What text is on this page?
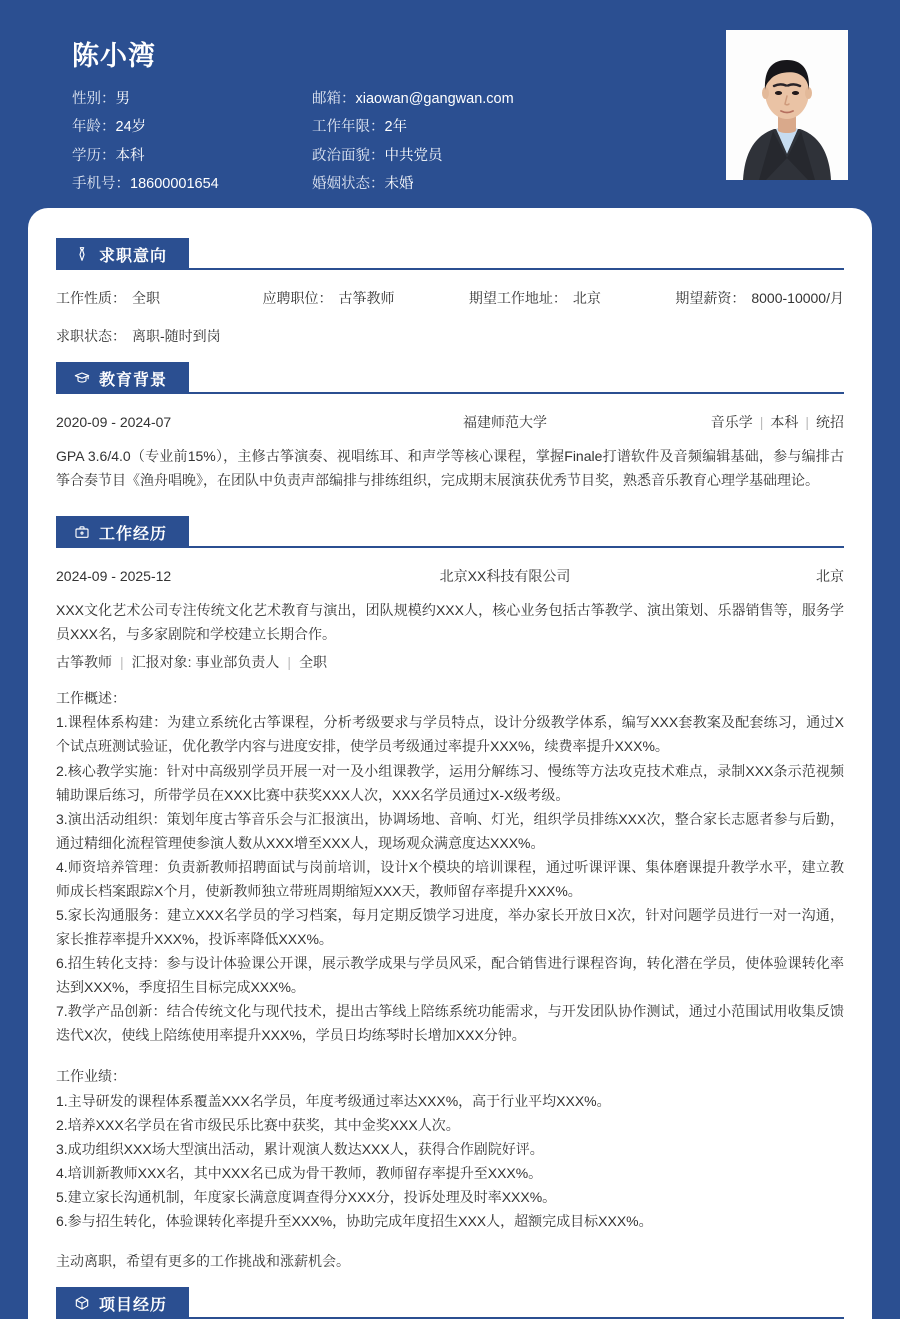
陈小湾
性别：男	邮箱：xiaowan@gangwan.com
年龄：24岁	工作年限：2年
学历：本科	政治面貌：中共党员
手机号：18600001654	婚姻状态：未婚
求职意向
工作性质： 全职	应聘职位： 古筝教师	期望工作地址： 北京	期望薪资： 8000-10000/月
求职状态： 离职-随时到岗
教育背景
2020-09 - 2024-07	福建师范大学	音乐学 | 本科 | 统招
GPA 3.6/4.0（专业前15%），主修古筝演奏、视唱练耳、和声学等核心课程，掌握Finale打谱软件及音频编辑基础，参与编排古筝合奏节目《渔舟唱晚》，在团队中负责声部编排与排练组织，完成期末展演获优秀节目奖，熟悉音乐教育心理学基础理论。
工作经历
2024-09 - 2025-12	北京XX科技有限公司	北京
XXX文化艺术公司专注传统文化艺术教育与演出，团队规模约XXX人，核心业务包括古筝教学、演出策划、乐器销售等，服务学员XXX名，与多家剧院和学校建立长期合作。
古筝教师 | 汇报对象: 事业部负责人 | 全职
工作概述：
1.课程体系构建：为建立系统化古筝课程，分析考级要求与学员特点，设计分级教学体系，编写XXX套教案及配套练习，通过X个试点班测试验证，优化教学内容与进度安排，使学员考级通过率提升XXX%，续费率提升XXX%。
2.核心教学实施：针对中高级别学员开展一对一及小组课教学，运用分解练习、慢练等方法攻克技术难点，录制XXX条示范视频辅助课后练习，所带学员在XXX比赛中获奖XXX人次，XXX名学员通过X-X级考级。
3.演出活动组织：策划年度古筝音乐会与汇报演出，协调场地、音响、灯光，组织学员排练XXX次，整合家长志愿者参与后勤，通过精细化流程管理使参演人数从XXX增至XXX人，现场观众满意度达XXX%。
4.师资培养管理：负责新教师招聘面试与岗前培训，设计X个模块的培训课程，通过听课评课、集体磨课提升教学水平，建立教师成长档案跟踪X个月，使新教师独立带班周期缩短XXX天，教师留存率提升XXX%。
5.家长沟通服务：建立XXX名学员的学习档案，每月定期反馈学习进度，举办家长开放日X次，针对问题学员进行一对一沟通，家长推荐率提升XXX%，投诉率降低XXX%。
6.招生转化支持：参与设计体验课公开课，展示教学成果与学员风采，配合销售进行课程咨询，转化潜在学员，使体验课转化率达到XXX%，季度招生目标完成XXX%。
7.教学产品创新：结合传统文化与现代技术，提出古筝线上陪练系统功能需求，与开发团队协作测试，通过小范围试用收集反馈迭代X次，使线上陪练使用率提升XXX%，学员日均练琴时长增加XXX分钟。
工作业绩：
1.主导研发的课程体系覆盖XXX名学员，年度考级通过率达XXX%，高于行业平均XXX%。
2.培养XXX名学员在省市级民乐比赛中获奖，其中金奖XXX人次。
3.成功组织XXX场大型演出活动，累计观演人数达XXX人，获得合作剧院好评。
4.培训新教师XXX名，其中XXX名已成为骨干教师，教师留存率提升至XXX%。
5.建立家长沟通机制，年度家长满意度调查得分XXX分，投诉处理及时率XXX%。
6.参与招生转化，体验课转化率提升至XXX%，协助完成年度招生XXX人，超额完成目标XXX%。
主动离职，希望有更多的工作挑战和涨薪机会。
项目经历
